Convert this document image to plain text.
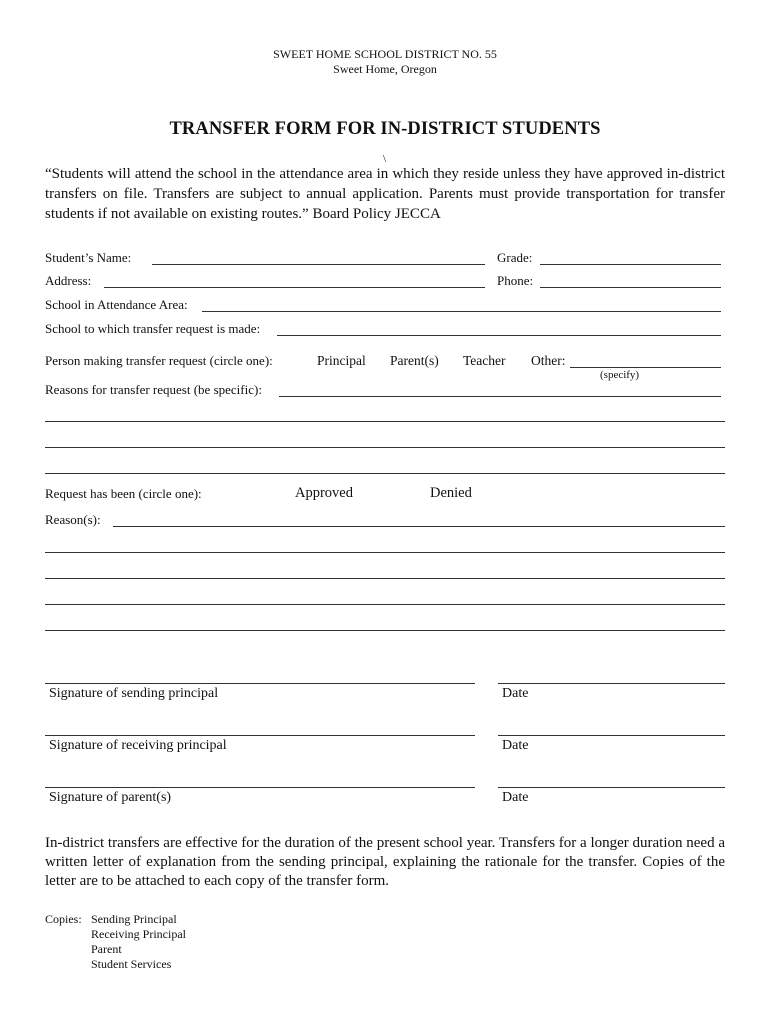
SWEET HOME SCHOOL DISTRICT NO. 55
Sweet Home, Oregon
TRANSFER FORM FOR IN-DISTRICT STUDENTS
\
“Students will attend the school in the attendance area in which they reside unless they have approved in-district transfers on file. Transfers are subject to annual application. Parents must provide transportation for transfer students if not available on existing routes.” Board Policy JECCA
Student’s Name:	Grade:
Address:	Phone:
School in Attendance Area:
School to which transfer request is made:
Person making transfer request (circle one):	Principal Parent(s) Teacher Other:
(specify)
Reasons for transfer request (be specific):
Request has been (circle one):	Approved	Denied
Reason(s):
Signature of sending principal	Date
Signature of receiving principal	Date
Signature of parent(s)	Date
In-district transfers are effective for the duration of the present school year. Transfers for a longer duration need a written letter of explanation from the sending principal, explaining the rationale for the transfer. Copies of the letter are to be attached to each copy of the transfer form.
Copies: Sending Principal
Receiving Principal
Parent
Student Services
